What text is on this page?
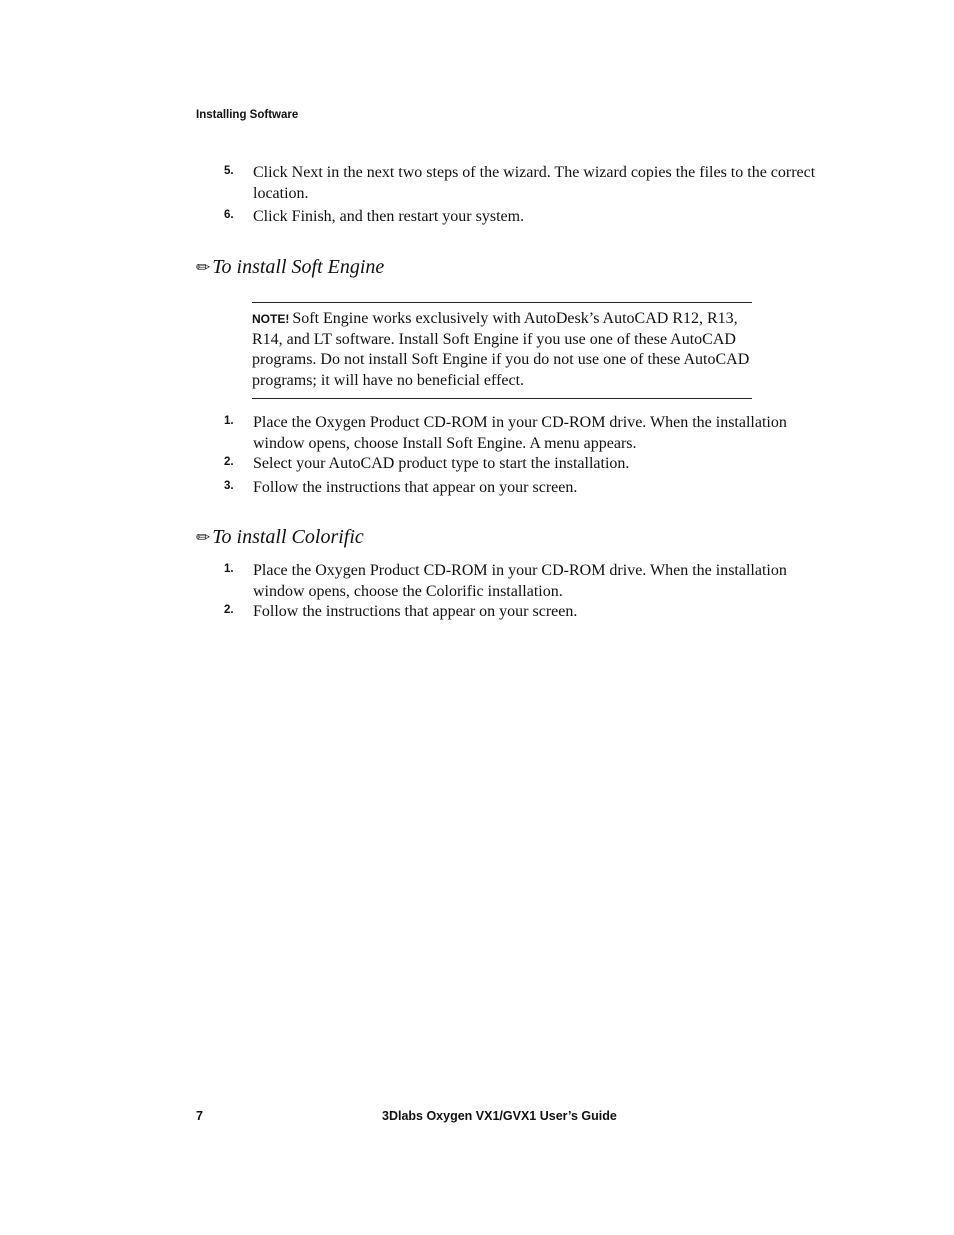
Installing Software
5. Click Next in the next two steps of the wizard. The wizard copies the files to the correct location.
6. Click Finish, and then restart your system.
✏ To install Soft Engine
NOTE! Soft Engine works exclusively with AutoDesk’s AutoCAD R12, R13, R14, and LT software. Install Soft Engine if you use one of these AutoCAD programs. Do not install Soft Engine if you do not use one of these AutoCAD programs; it will have no beneficial effect.
1. Place the Oxygen Product CD-ROM in your CD-ROM drive. When the installation window opens, choose Install Soft Engine. A menu appears.
2. Select your AutoCAD product type to start the installation.
3. Follow the instructions that appear on your screen.
✏ To install Colorific
1. Place the Oxygen Product CD-ROM in your CD-ROM drive. When the installation window opens, choose the Colorific installation.
2. Follow the instructions that appear on your screen.
7	3Dlabs Oxygen VX1/GVX1 User’s Guide
